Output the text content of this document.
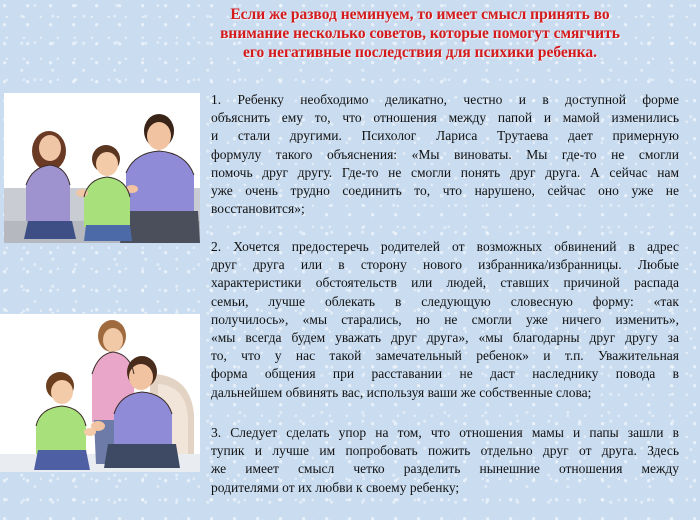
Если же развод неминуем, то имеет смысл принять во
внимание несколько советов, которые помогут смягчить
его негативные последствия для психики ребенка.
1. Ребенку необходимо деликатно, честно и в доступной форме
объяснить ему то, что отношения между папой и мамой изменились
и стали другими. Психолог Лариса Трутаева дает примерную
формулу такого объяснения: «Мы виноваты. Мы где-то не смогли
помочь друг другу. Где-то не смогли понять друг друга. А сейчас нам
уже очень трудно соединить то, что нарушено, сейчас оно уже не
восстановится»;
2. Хочется предостеречь родителей от возможных обвинений в адрес
друг друга или в сторону нового избранника/избранницы. Любые
характеристики обстоятельств или людей, ставших причиной распада
семьи, лучше облекать в следующую словесную форму: «так
получилось», «мы старались, но не смогли уже ничего изменить»,
«мы всегда будем уважать друг друга», «мы благодарны друг другу за
то, что у нас такой замечательный ребенок» и т.п. Уважительная
форма общения при расставании не даст наследнику повода в
дальнейшем обвинять вас, используя ваши же собственные слова;
3. Следует сделать упор на том, что отношения мамы и папы зашли в
тупик и лучше им попробовать пожить отдельно друг от друга. Здесь
же имеет смысл четко разделить нынешние отношения между
родителями от их любви к своему ребенку;
